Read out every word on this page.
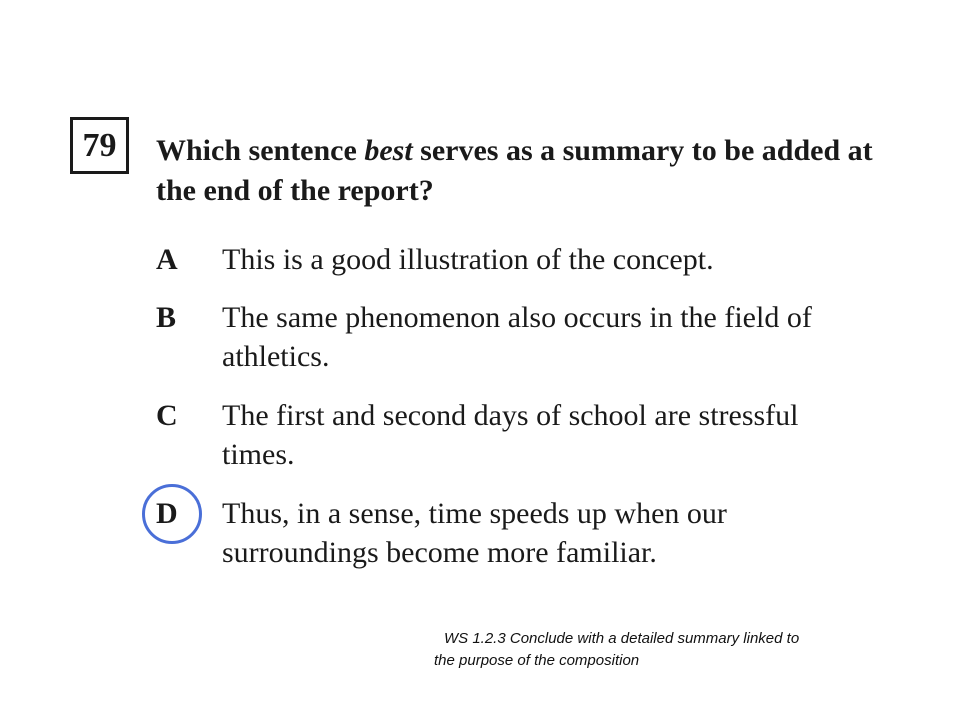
79 Which sentence best serves as a summary to be added at the end of the report?
A This is a good illustration of the concept.
B The same phenomenon also occurs in the field of athletics.
C The first and second days of school are stressful times.
D Thus, in a sense, time speeds up when our surroundings become more familiar.
WS 1.2.3 Conclude with a detailed summary linked to
the purpose of the composition
